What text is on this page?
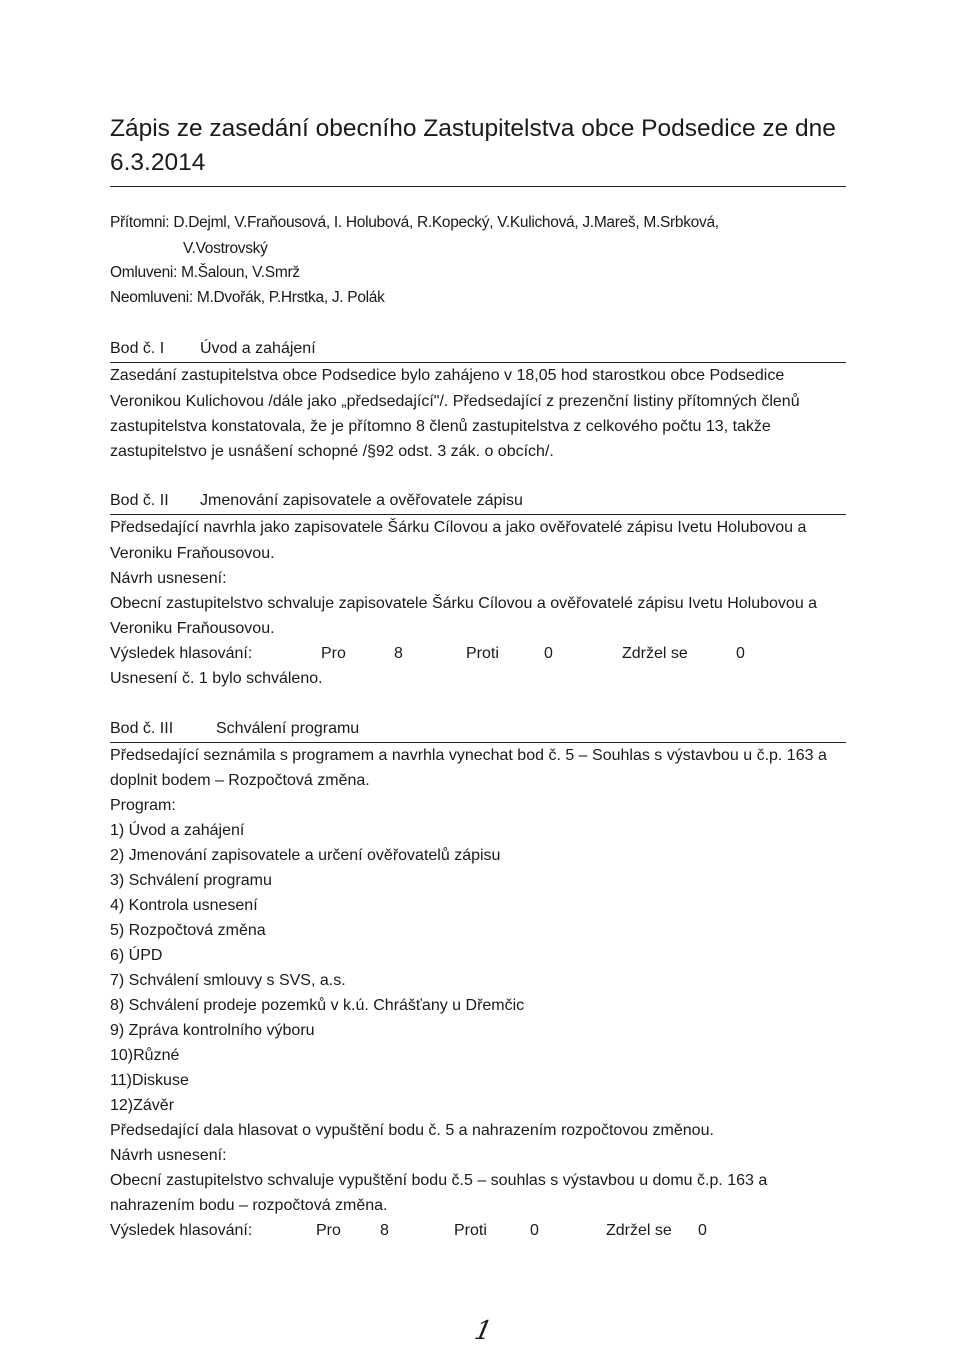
Zápis ze zasedání obecního Zastupitelstva obce Podsedice ze dne
6.3.2014
Přítomni: D.Dejml, V.Fraňousová, I. Holubová, R.Kopecký, V.Kulichová, J.Mareš, M.Srbková,
V.Vostrovský
Omluveni: M.Šaloun, V.Smrž
Neomluveni: M.Dvořák, P.Hrstka, J. Polák
Bod č. I Úvod a zahájení
Zasedání zastupitelstva obce Podsedice bylo zahájeno v 18,05 hod starostkou obce Podsedice
Veronikou Kulichovou /dále jako „předsedající"/. Předsedající z prezenční listiny přítomných členů
zastupitelstva konstatovala, že je přítomno 8 členů zastupitelstva z celkového počtu 13, takže
zastupitelstvo je usnášení schopné /§92 odst. 3 zák. o obcích/.
Bod č. II Jmenování zapisovatele a ověřovatele zápisu
Předsedající navrhla jako zapisovatele Šárku Cílovou a jako ověřovatelé zápisu Ivetu Holubovou a
Veroniku Fraňousovou.
Návrh usnesení:
Obecní zastupitelstvo schvaluje zapisovatele Šárku Cílovou a ověřovatelé zápisu Ivetu Holubovou a
Veroniku Fraňousovou.
Výsledek hlasování:	Pro	8	Proti	0	Zdržel se	0
Usnesení č. 1 bylo schváleno.
Bod č. III	Schválení programu
Předsedající seznámila s programem a navrhla vynechat bod č. 5 – Souhlas s výstavbou u č.p. 163 a
doplnit bodem – Rozpočtová změna.
Program:
1) Úvod a zahájení
2) Jmenování zapisovatele a určení ověřovatelů zápisu
3) Schválení programu
4) Kontrola usnesení
5) Rozpočtová změna
6) ÚPD
7) Schválení smlouvy s SVS, a.s.
8) Schválení prodeje pozemků v k.ú. Chrášťany u Dřemčic
9) Zpráva kontrolního výboru
10)Různé
11)Diskuse
12)Závěr
Předsedající dala hlasovat o vypuštění bodu č. 5 a nahrazením rozpočtovou změnou.
Návrh usnesení:
Obecní zastupitelstvo schvaluje vypuštění bodu č.5 – souhlas s výstavbou u domu č.p. 163 a
nahrazením bodu – rozpočtová změna.
Výsledek hlasování:	Pro 8	Proti	0	Zdržel se 0
1
